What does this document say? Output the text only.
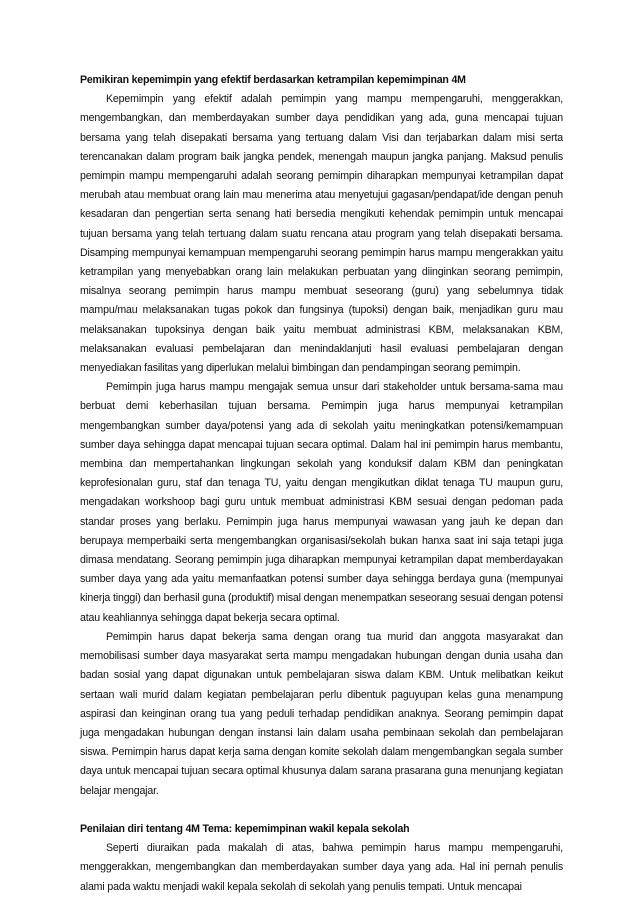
Pemikiran kepemimpin yang efektif berdasarkan ketrampilan kepemimpinan 4M

Kepemimpin yang efektif adalah pemimpin yang mampu mempengaruhi, menggerakkan, mengembangkan, dan memberdayakan sumber daya pendidikan yang ada, guna mencapai tujuan bersama yang telah disepakati bersama yang tertuang dalam Visi dan terjabarkan dalam misi serta terencanakan dalam program baik jangka pendek, menengah maupun jangka panjang. Maksud penulis pemimpin mampu mempengaruhi adalah seorang pemimpin diharapkan mempunyai ketrampilan dapat merubah atau membuat orang lain mau menerima atau menyetujui gagasan/pendapat/ide dengan penuh kesadaran dan pengertian serta senang hati bersedia mengikuti kehendak pemimpin untuk mencapai tujuan bersama yang telah tertuang dalam suatu rencana atau program yang telah disepakati bersama. Disamping mempunyai kemampuan mempengaruhi seorang pemimpin harus mampu mengerakkan yaitu ketrampilan yang menyebabkan orang lain melakukan perbuatan yang diinginkan seorang pemimpin, misalnya seorang pemimpin harus mampu membuat seseorang (guru) yang sebelumnya tidak mampu/mau melaksanakan tugas pokok dan fungsinya (tupoksi) dengan baik, menjadikan guru mau melaksanakan tupoksinya dengan baik yaitu membuat administrasi KBM, melaksanakan KBM, melaksanakan evaluasi pembelajaran dan menindaklanjuti hasil evaluasi pembelajaran dengan menyediakan fasilitas yang diperlukan melalui bimbingan dan pendampingan seorang pemimpin.

Pemimpin juga harus mampu mengajak semua unsur dari stakeholder untuk bersama-sama mau berbuat demi keberhasilan tujuan bersama. Pemimpin juga harus mempunyai ketrampilan mengembangkan sumber daya/potensi yang ada di sekolah yaitu meningkatkan potensi/kemampuan sumber daya sehingga dapat mencapai tujuan secara optimal. Dalam hal ini pemimpin harus membantu, membina dan mempertahankan lingkungan sekolah yang konduksif dalam KBM dan peningkatan keprofesionalan guru, staf dan tenaga TU, yaitu dengan mengikutkan diklat tenaga TU maupun guru, mengadakan workshoop bagi guru untuk membuat administrasi KBM sesuai dengan pedoman pada standar proses yang berlaku. Pemimpin juga harus mempunyai wawasan yang jauh ke depan dan berupaya memperbaiki serta mengembangkan organisasi/sekolah bukan hanxa saat ini saja tetapi juga dimasa mendatang. Seorang pemimpin juga diharapkan mempunyai ketrampilan dapat memberdayakan sumber daya yang ada yaitu memanfaatkan potensi sumber daya sehingga berdaya guna (mempunyai kinerja tinggi) dan berhasil guna (produktif) misal dengan menempatkan seseorang sesuai dengan potensi atau keahliannya sehingga dapat bekerja secara optimal.

Pemimpin harus dapat bekerja sama dengan orang tua murid dan anggota masyarakat dan memobilisasi sumber daya masyarakat serta mampu mengadakan hubungan dengan dunia usaha dan badan sosial yang dapat digunakan untuk pembelajaran siswa dalam KBM. Untuk melibatkan keikut sertaan wali murid dalam kegiatan pembelajaran perlu dibentuk paguyupan kelas guna menampung aspirasi dan keinginan orang tua yang peduli terhadap pendidikan anaknya. Seorang pemimpin dapat juga mengadakan hubungan dengan instansi lain dalam usaha pembinaan sekolah dan pembelajaran siswa. Pemimpin harus dapat kerja sama dengan komite sekolah dalam mengembangkan segala sumber daya untuk mencapai tujuan secara optimal khusunya dalam sarana prasarana guna menunjang kegiatan belajar mengajar.

Penilaian diri tentang 4M Tema: kepemimpinan wakil kepala sekolah

Seperti diuraikan pada makalah di atas, bahwa pemimpin harus mampu mempengaruhi, menggerakkan, mengembangkan dan memberdayakan sumber daya yang ada. Hal ini pernah penulis alami pada waktu menjadi wakil kepala sekolah di sekolah yang penulis tempati. Untuk mencapai
